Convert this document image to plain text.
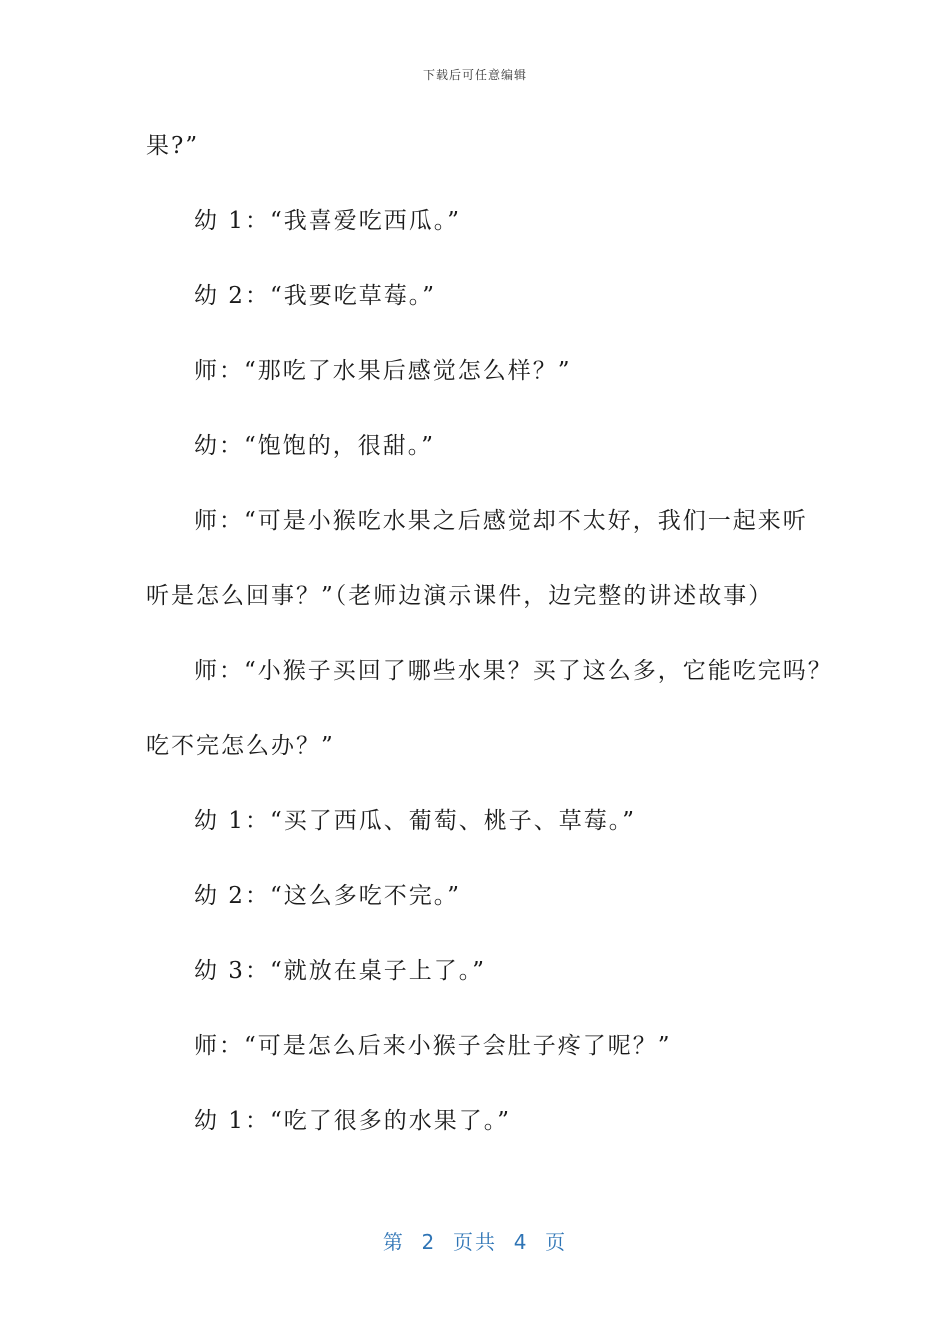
下载后可任意编辑
果?”
幼 1：“我喜爱吃西瓜。”
幼 2：“我要吃草莓。”
师：“那吃了水果后感觉怎么样？”
幼：“饱饱的，很甜。”
师：“可是小猴吃水果之后感觉却不太好，我们一起来听
听是怎么回事？”（老师边演示课件，边完整的讲述故事）
师：“小猴子买回了哪些水果？买了这么多，它能吃完吗？
吃不完怎么办？”
幼 1：“买了西瓜、葡萄、桃子、草莓。”
幼 2：“这么多吃不完。”
幼 3：“就放在桌子上了。”
师：“可是怎么后来小猴子会肚子疼了呢？”
幼 1：“吃了很多的水果了。”
第  2  页共  4  页
